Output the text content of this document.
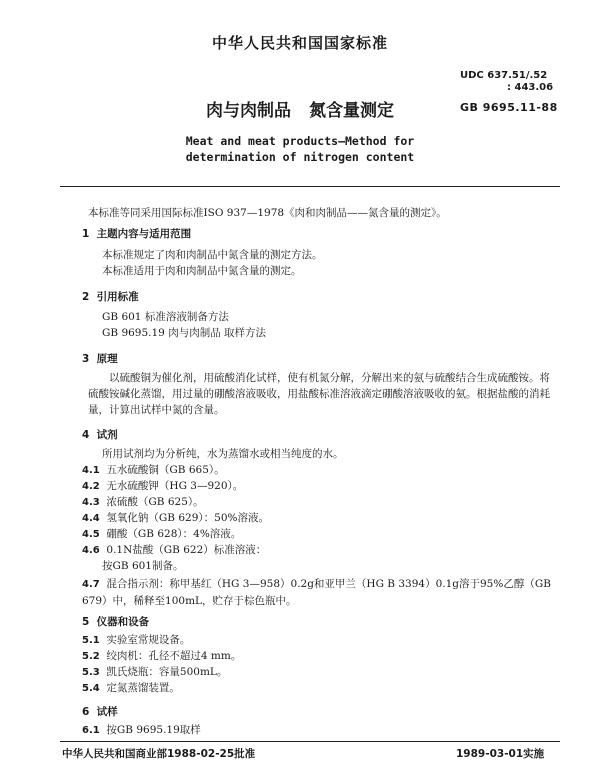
中华人民共和国国家标准
UDC 637.51/.52
: 443.06
肉与肉制品 氮含量测定	GB 9695.11-88
Meat and meat products—Method for
determination of nitrogen content
本标准等同采用国际标准ISO 937—1978《肉和肉制品——氮含量的测定》。
1 主题内容与适用范围
本标准规定了肉和肉制品中氮含量的测定方法。
本标准适用于肉和肉制品中氮含量的测定。
2 引用标准
GB 601 标准溶液制备方法
GB 9695.19 肉与肉制品 取样方法
3 原理
以硫酸铜为催化剂，用硫酸消化试样，使有机氮分解，分解出来的氨与硫酸结合生成硫酸铵。将硫酸铵碱化蒸馏，用过量的硼酸溶液吸收，用盐酸标准溶液滴定硼酸溶液吸收的氨。根据盐酸的消耗量，计算出试样中氮的含量。
4 试剂
所用试剂均为分析纯，水为蒸馏水或相当纯度的水。
4.1 五水硫酸铜（GB 665）。
4.2 无水硫酸钾（HG 3—920）。
4.3 浓硫酸（GB 625）。
4.4 氢氧化钠（GB 629）：50%溶液。
4.5 硼酸（GB 628）：4%溶液。
4.6 0.1N盐酸（GB 622）标准溶液：
按GB 601制备。
4.7 混合指示剂：称甲基红（HG 3—958）0.2g和亚甲兰（HG B 3394）0.1g溶于95%乙醇（GB 679）中，稀释至100mL，贮存于棕色瓶中。
5 仪器和设备
5.1 实验室常规设备。
5.2 绞肉机：孔径不超过4 mm。
5.3 凯氏烧瓶：容量500mL。
5.4 定氮蒸馏装置。
6 试样
6.1 按GB 9695.19取样
中华人民共和国商业部1988-02-25批准	1989-03-01实施
